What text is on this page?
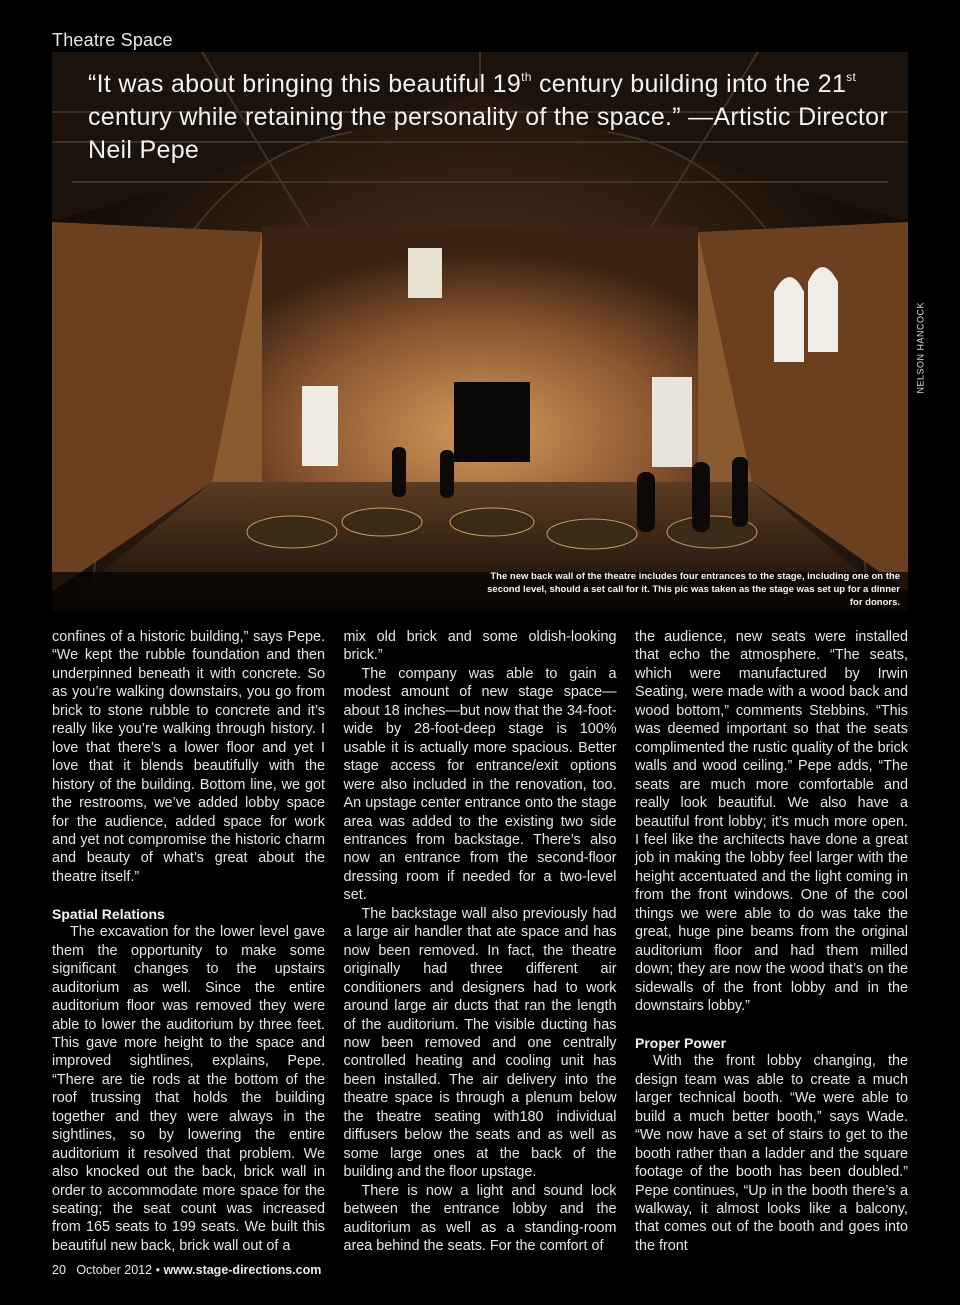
Theatre Space
“It was about bringing this beautiful 19th century building into the 21st century while retaining the personality of the space.” —Artistic Director Neil Pepe
NELSON HANCOCK
The new back wall of the theatre includes four entrances to the stage, including one on the second level, should a set call for it. This pic was taken as the stage was set up for a dinner for donors.

confines of a historic building,” says Pepe. “We kept the rubble foundation and then underpinned beneath it with concrete. So as you’re walking downstairs, you go from brick to stone rubble to concrete and it’s really like you’re walking through history. I love that there’s a lower floor and yet I love that it blends beautifully with the history of the building. Bottom line, we got the restrooms, we’ve added lobby space for the audience, added space for work and yet not compromise the historic charm and beauty of what’s great about the theatre itself.”

Spatial Relations

The excavation for the lower level gave them the opportunity to make some significant changes to the upstairs auditorium as well. Since the entire auditorium floor was removed they were able to lower the auditorium by three feet. This gave more height to the space and improved sightlines, explains, Pepe. “There are tie rods at the bottom of the roof trussing that holds the building together and they were always in the sightlines, so by lowering the entire auditorium it resolved that problem. We also knocked out the back, brick wall in order to accommodate more space for the seating; the seat count was increased from 165 seats to 199 seats. We built this beautiful new back, brick wall out of a

mix old brick and some oldish-looking brick.”

The company was able to gain a modest amount of new stage space—about 18 inches—but now that the 34-foot-wide by 28-foot-deep stage is 100% usable it is actually more spacious. Better stage access for entrance/exit options were also included in the renovation, too. An upstage center entrance onto the stage area was added to the existing two side entrances from backstage. There’s also now an entrance from the second-floor dressing room if needed for a two-level set.

The backstage wall also previously had a large air handler that ate space and has now been removed. In fact, the theatre originally had three different air conditioners and designers had to work around large air ducts that ran the length of the auditorium. The visible ducting has now been removed and one centrally controlled heating and cooling unit has been installed. The air delivery into the theatre space is through a plenum below the theatre seating with180 individual diffusers below the seats and as well as some large ones at the back of the building and the floor upstage.

There is now a light and sound lock between the entrance lobby and the auditorium as well as a standing-room area behind the seats. For the comfort of

the audience, new seats were installed that echo the atmosphere. “The seats, which were manufactured by Irwin Seating, were made with a wood back and wood bottom,” comments Stebbins. “This was deemed important so that the seats complimented the rustic quality of the brick walls and wood ceiling.” Pepe adds, “The seats are much more comfortable and really look beautiful. We also have a beautiful front lobby; it’s much more open. I feel like the architects have done a great job in making the lobby feel larger with the height accentuated and the light coming in from the front windows. One of the cool things we were able to do was take the great, huge pine beams from the original auditorium floor and had them milled down; they are now the wood that’s on the sidewalls of the front lobby and in the downstairs lobby.”

Proper Power

With the front lobby changing, the design team was able to create a much larger technical booth. “We were able to build a much better booth,” says Wade. “We now have a set of stairs to get to the booth rather than a ladder and the square footage of the booth has been doubled.” Pepe continues, “Up in the booth there’s a walkway, it almost looks like a balcony, that comes out of the booth and goes into the front

20 October 2012 • www.stage-directions.com
